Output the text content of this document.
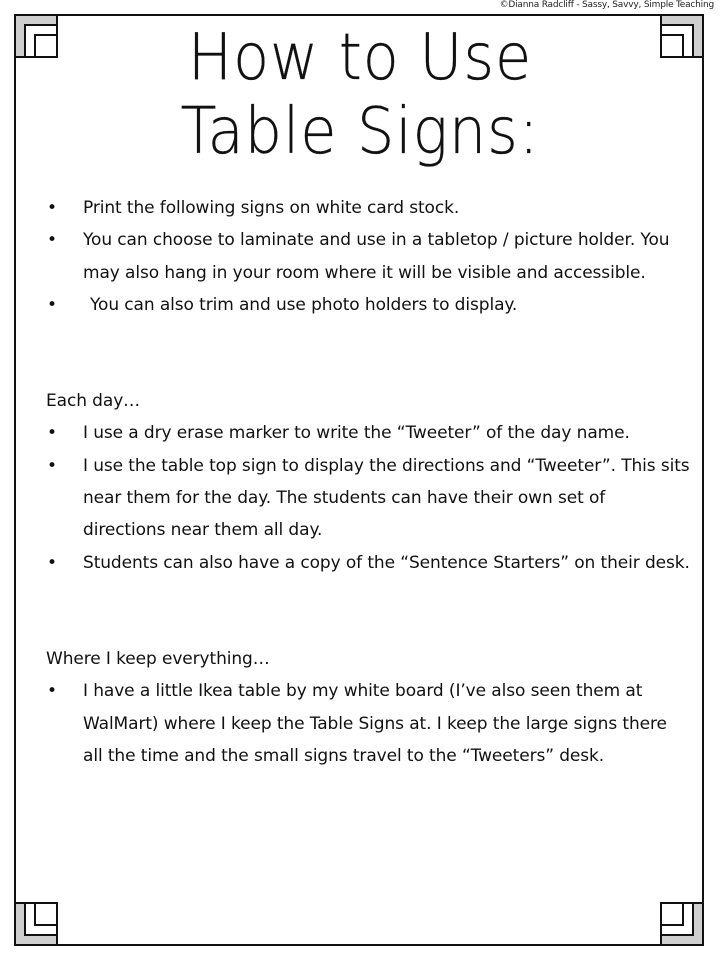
©Dianna Radcliff - Sassy, Savvy, Simple Teaching
How to Use
Table Signs:
• Print the following signs on white card stock.
• You can choose to laminate and use in a tabletop / picture holder. You may also hang in your room where it will be visible and accessible.
• You can also trim and use photo holders to display.

Each day…

• I use a dry erase marker to write the “Tweeter” of the day name.
• I use the table top sign to display the directions and “Tweeter”. This sits near them for the day. The students can have their own set of directions near them all day.
• Students can also have a copy of the “Sentence Starters” on their desk.

Where I keep everything…

• I have a little Ikea table by my white board (I’ve also seen them at WalMart) where I keep the Table Signs at. I keep the large signs there all the time and the small signs travel to the “Tweeters” desk.
